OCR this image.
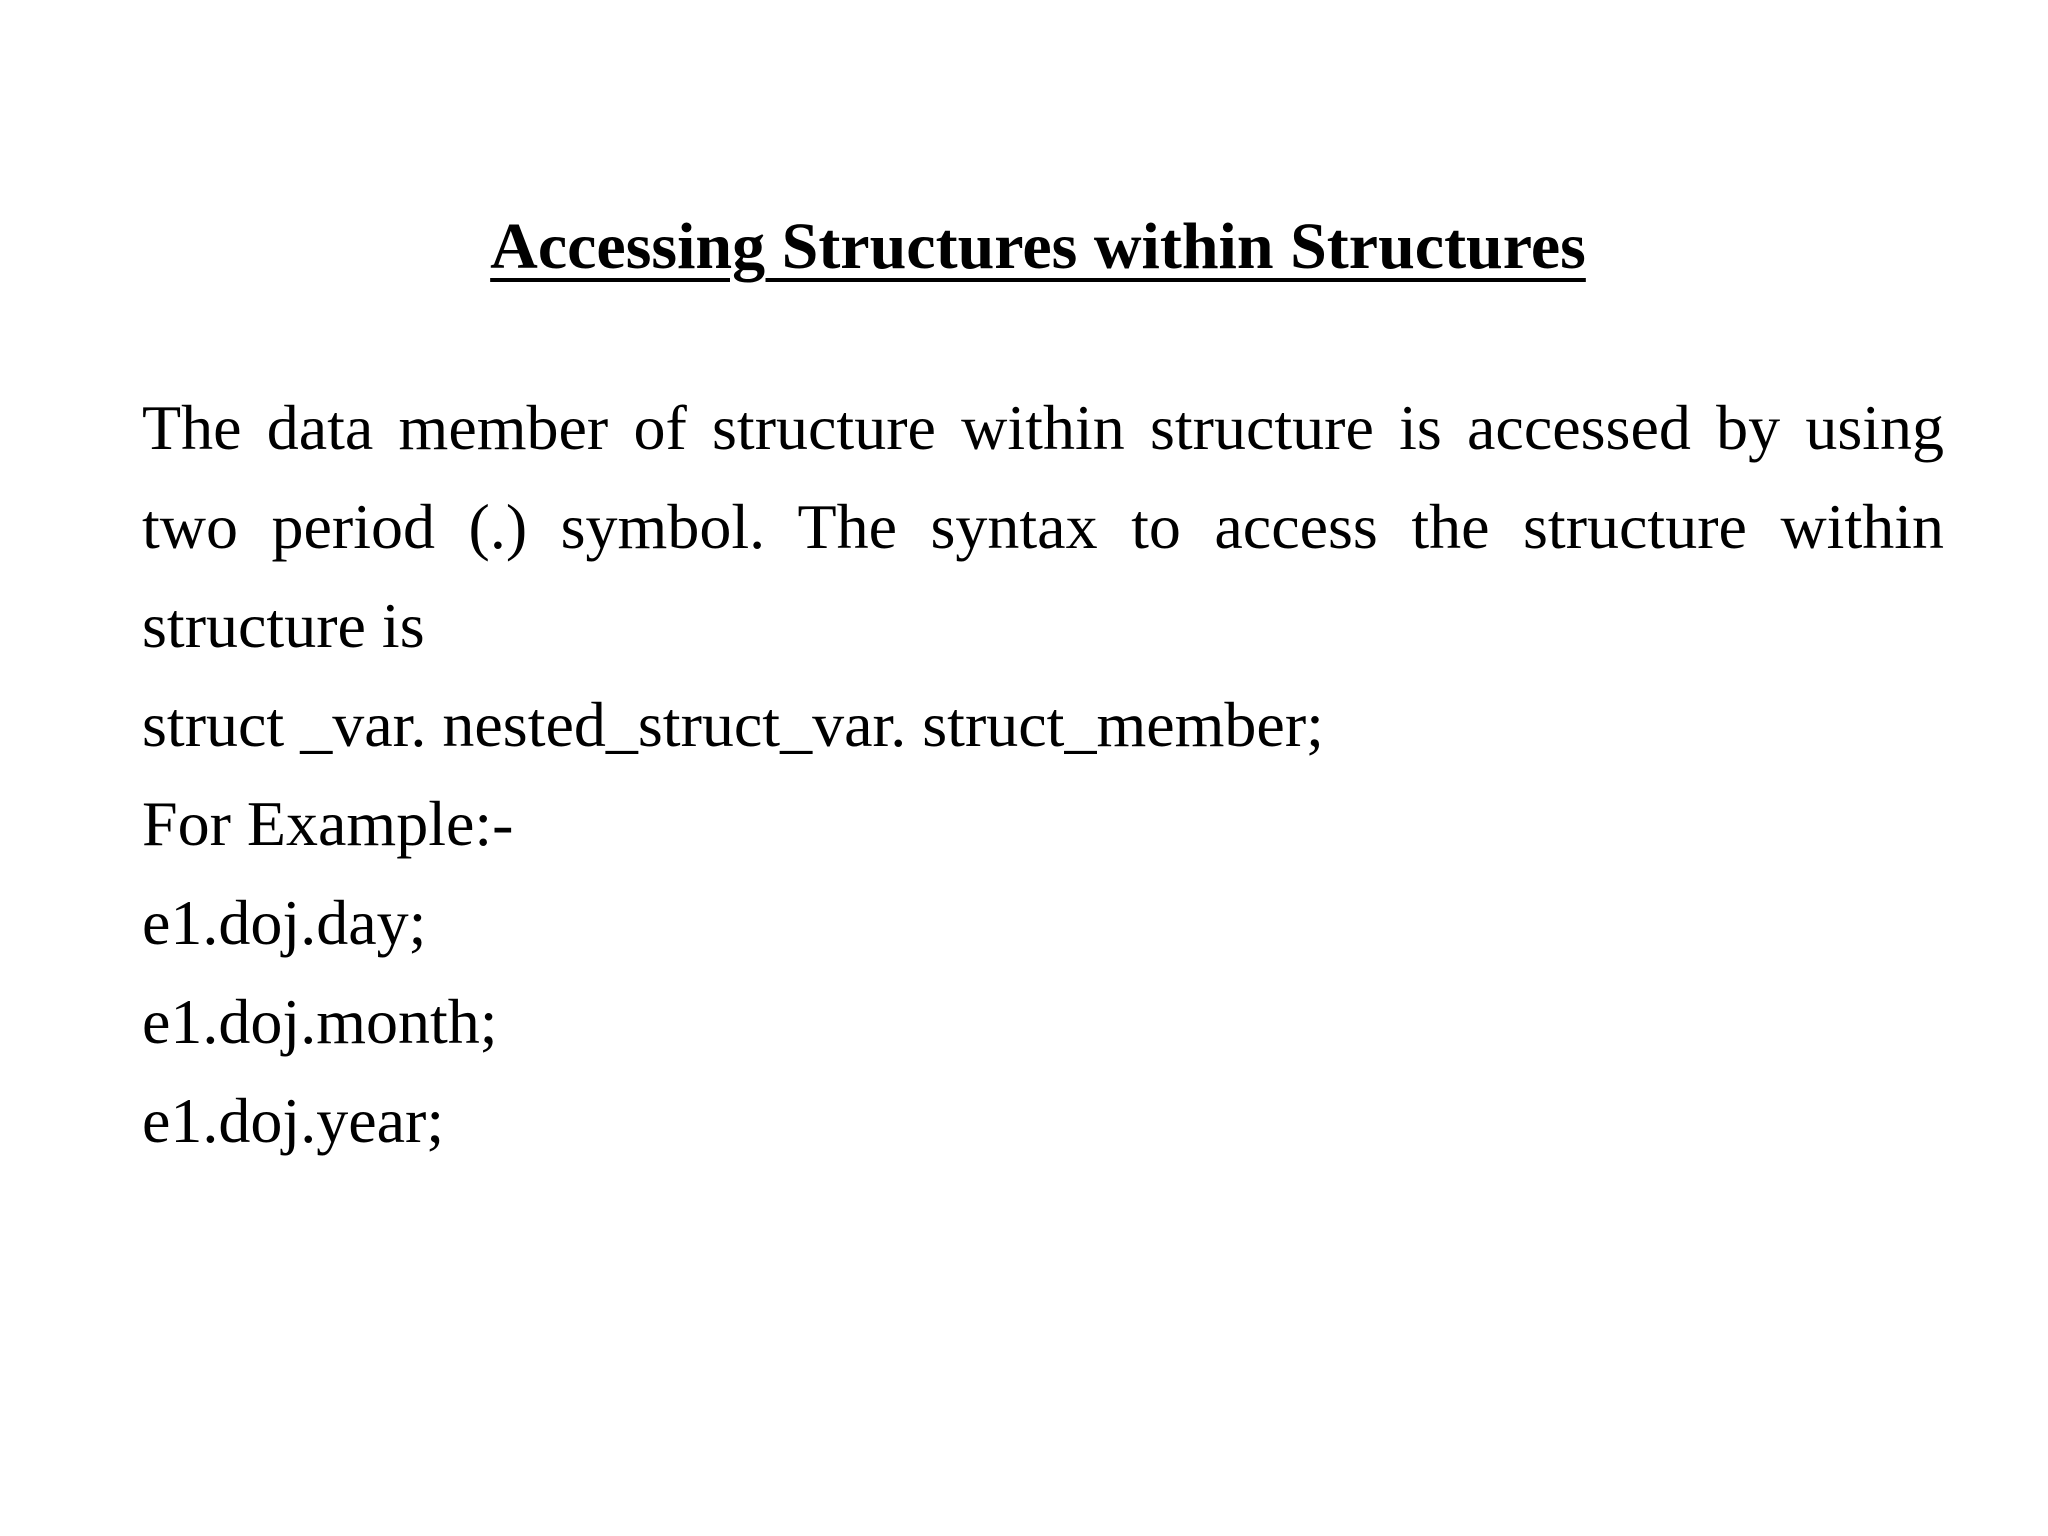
Accessing Structures within Structures

The data member of structure within structure is accessed by using two period (.) symbol. The syntax to access the structure within structure is

struct _var. nested_struct_var. struct_member;

For Example:-

e1.doj.day;

e1.doj.month;

e1.doj.year;
